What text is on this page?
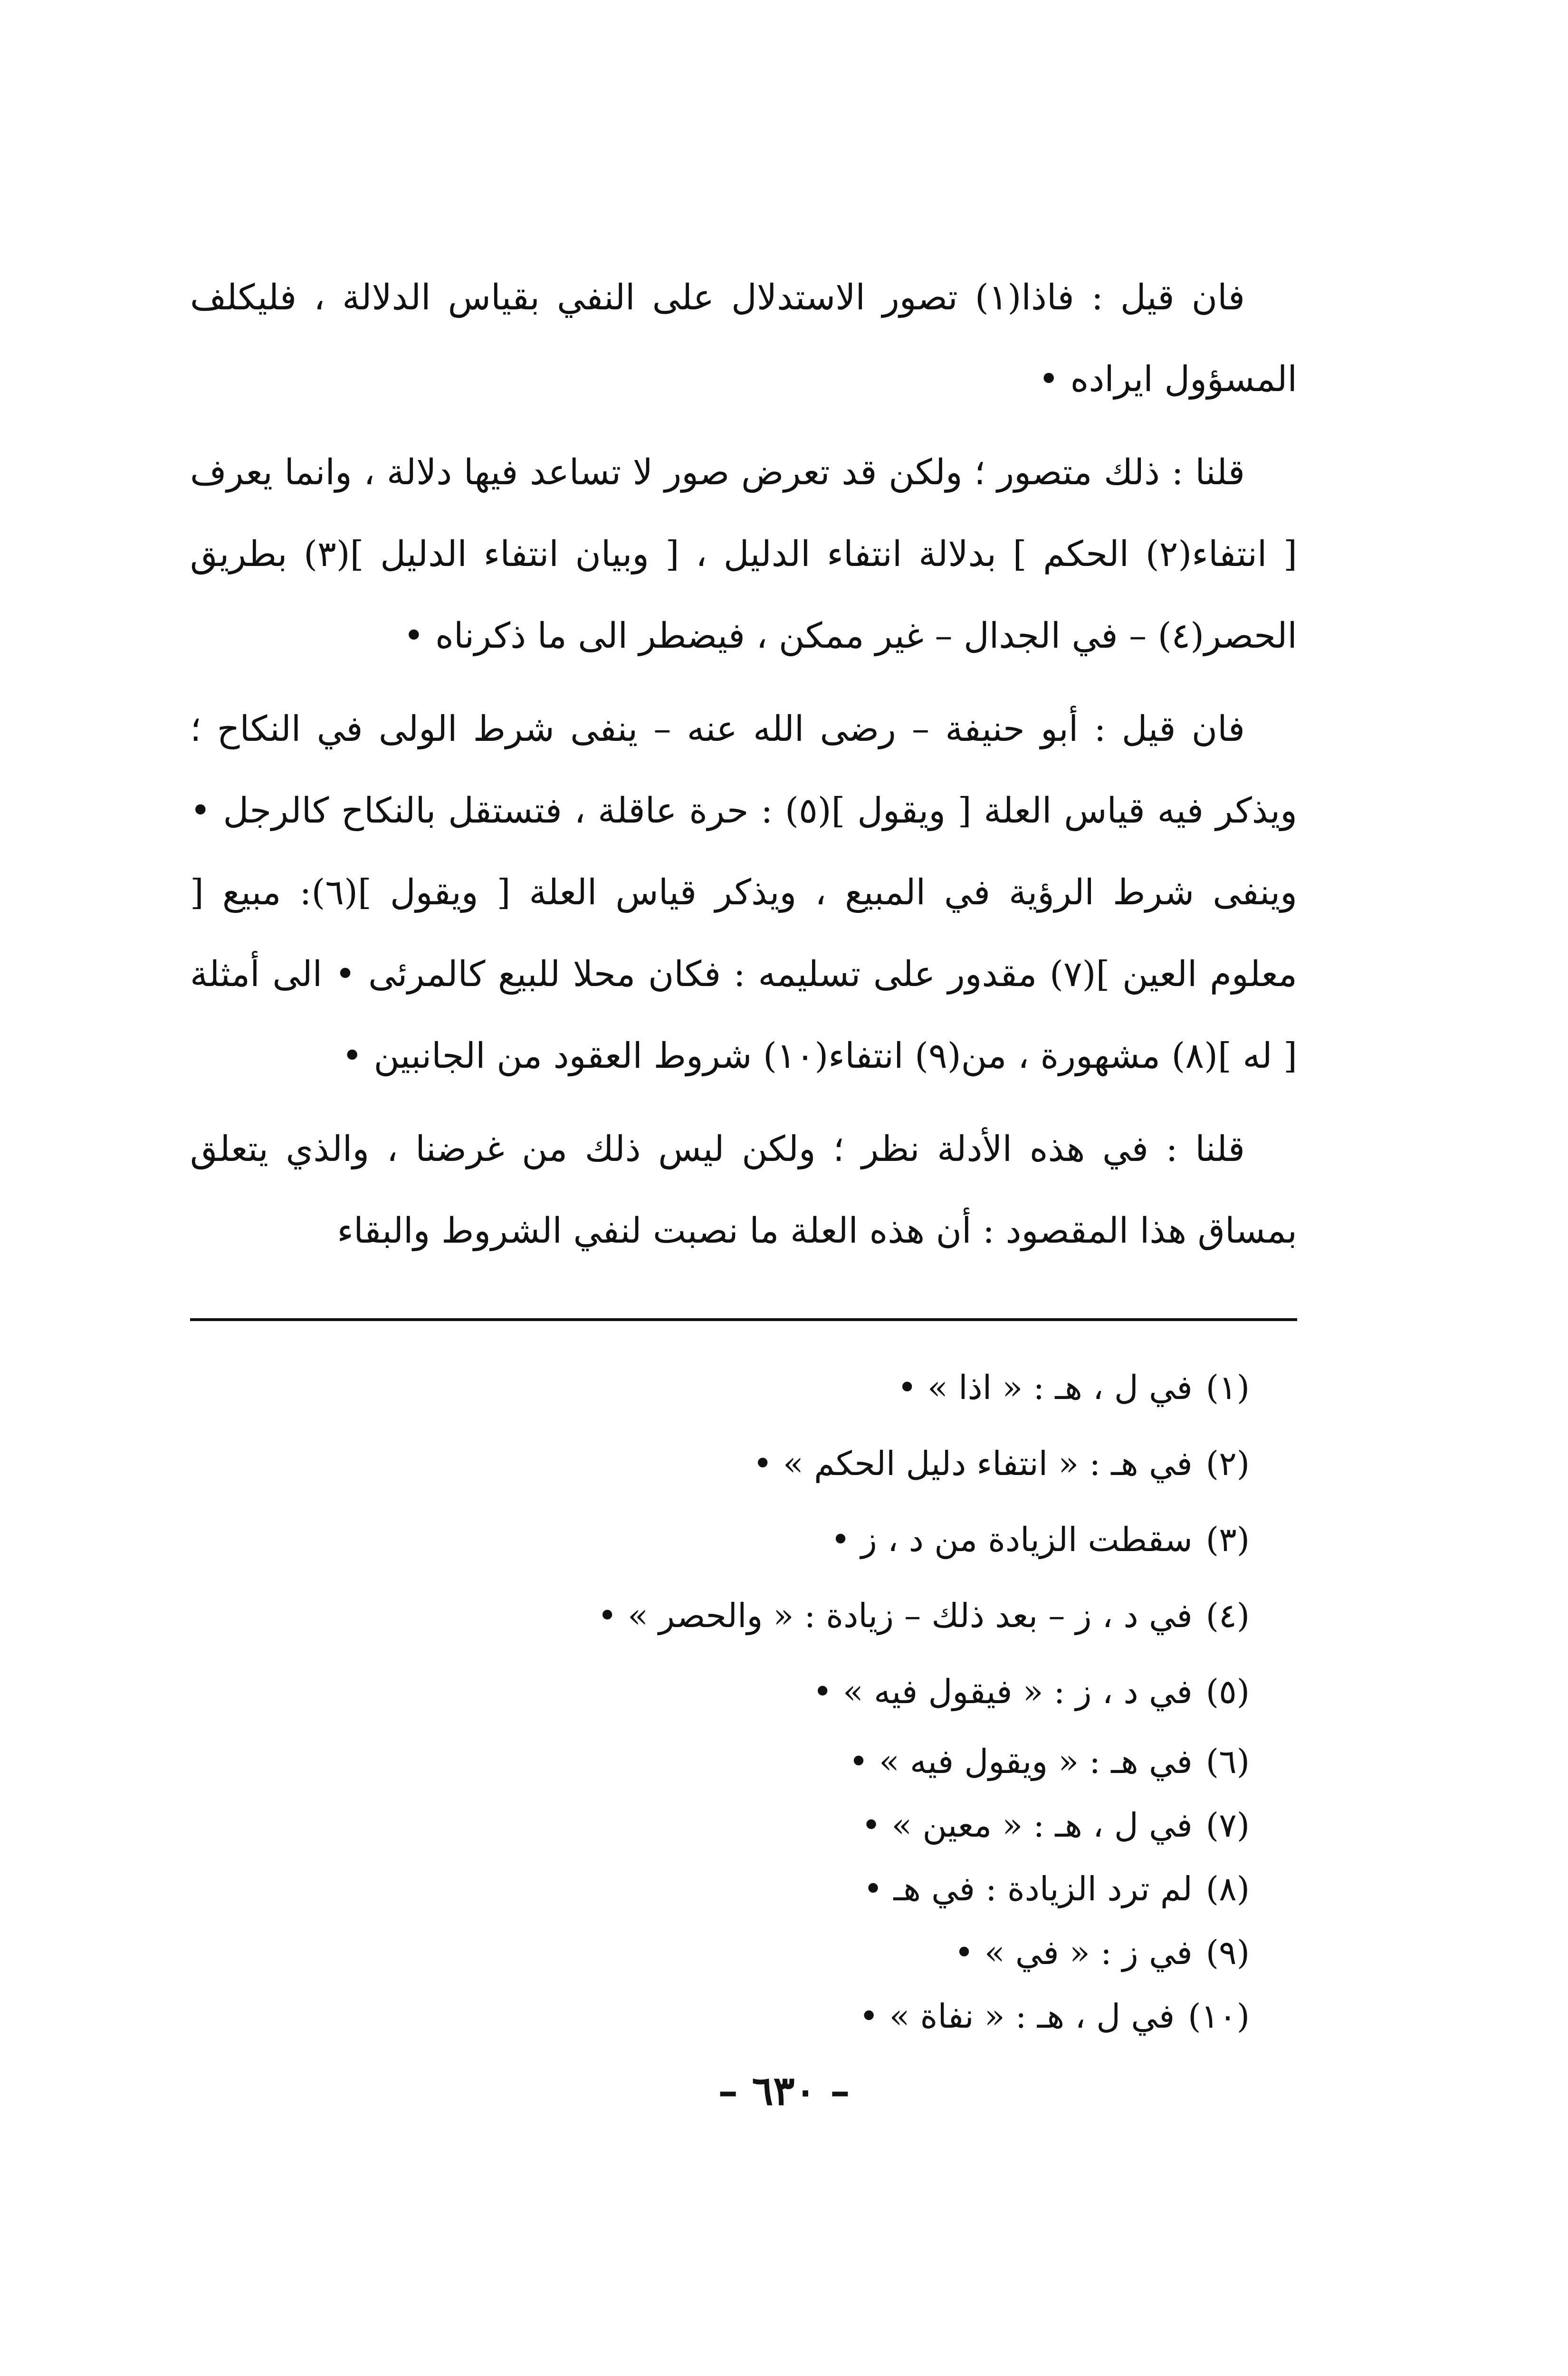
فان قيل : فاذا(١) تصور الاستدلال على النفي بقياس الدلالة ، فليكلف المسؤول ايراده •

قلنا : ذلك متصور ؛ ولكن قد تعرض صور لا تساعد فيها دلالة ، وانما يعرف [ انتفاء(٢) الحكم ] بدلالة انتفاء الدليل ، [ وبيان انتفاء الدليل ](٣) بطريق الحصر(٤) – في الجدال – غير ممكن ، فيضطر الى ما ذكرناه •

فان قيل : أبو حنيفة – رضى الله عنه – ينفى شرط الولى في النكاح ؛ ويذكر فيه قياس العلة [ ويقول ](٥) : حرة عاقلة ، فتستقل بالنكاح كالرجل • وينفى شرط الرؤية في المبيع ، ويذكر قياس العلة [ ويقول ](٦): مبيع [ معلوم العين ](٧) مقدور على تسليمه : فكان محلا للبيع كالمرئى • الى أمثلة [ له ](٨) مشهورة ، من(٩) انتفاء(١٠) شروط العقود من الجانبين •

قلنا : في هذه الأدلة نظر ؛ ولكن ليس ذلك من غرضنا ، والذي يتعلق بمساق هذا المقصود : أن هذه العلة ما نصبت لنفي الشروط والبقاء

(١)في ل ، هـ : « اذا » •
(٢)في هـ : « انتفاء دليل الحكم » •
(٣)سقطت الزيادة من د ، ز •
(٤)في د ، ز – بعد ذلك – زيادة : « والحصر » •
(٥)في د ، ز : « فيقول فيه » •
(٦)في هـ : « ويقول فيه » •
(٧)في ل ، هـ : « معين » •
(٨)لم ترد الزيادة : في هـ •
(٩)في ز : « في » •
(١٠)في ل ، هـ : « نفاة » •
– ٦٣٠ –
